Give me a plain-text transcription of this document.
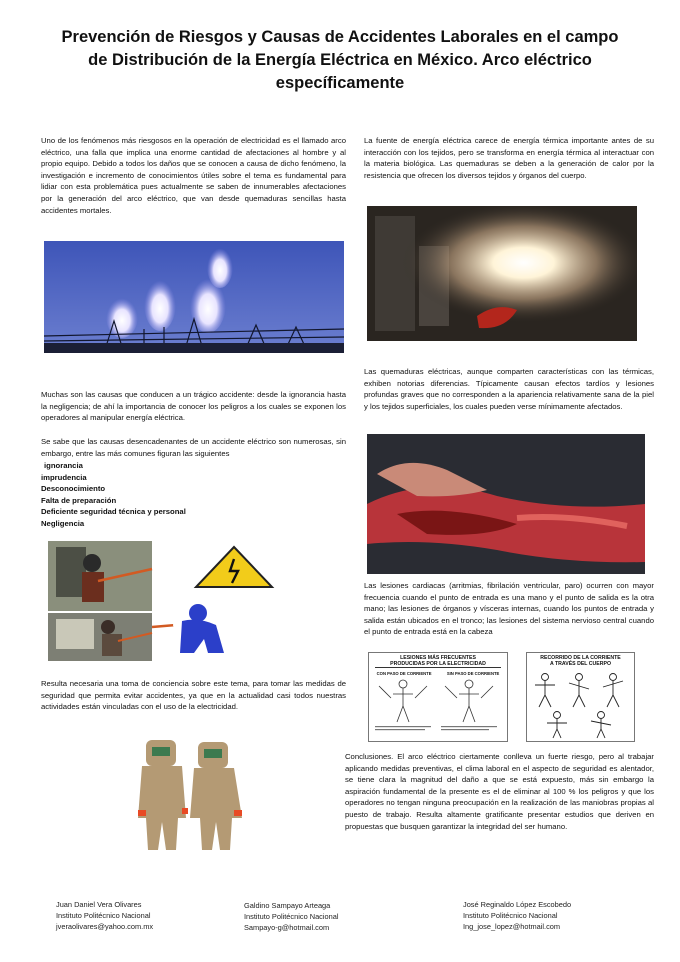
Prevención de Riesgos y Causas de Accidentes Laborales en el campo
de Distribución de la Energía Eléctrica en México. Arco eléctrico
específicamente
Uno de los fenómenos más riesgosos en la operación de electricidad es el llamado arco eléctrico, una falla que implica una enorme cantidad de afectaciones al hombre y al propio equipo. Debido a todos los daños que se conocen a causa de dicho fenómeno, la investigación e incremento de conocimientos útiles sobre el tema es fundamental para lidiar con esta problemática pues actualmente se saben de innumerables afectaciones por la generación del arco eléctrico, que van desde quemaduras sencillas hasta accidentes mortales.
Muchas son las causas que conducen a un trágico accidente: desde la ignorancia hasta la negligencia; de ahí la importancia de conocer los peligros a los cuales se exponen los operadores al manipular energía eléctrica.
Se sabe que las causas desencadenantes de un accidente eléctrico son numerosas, sin embargo, entre las más comunes figuran las siguientes
ignorancia
imprudencia
Desconocimiento
Falta de preparación
Deficiente seguridad técnica y personal
Negligencia
Resulta necesaria una toma de conciencia sobre este tema, para tomar las medidas de seguridad que permita evitar accidentes, ya que en la actualidad casi todos nuestras actividades están vinculadas con el uso de la electricidad.
La fuente de energía eléctrica carece de energía térmica importante antes de su interacción con los tejidos, pero se transforma en energía térmica al interactuar con la materia biológica. Las quemaduras se deben a la generación de calor por la resistencia que ofrecen los diversos tejidos y órganos del cuerpo.
Las quemaduras eléctricas, aunque comparten características con las térmicas, exhiben notorias diferencias. Típicamente causan efectos tardíos y lesiones profundas graves que no corresponden a la apariencia relativamente sana de la piel y los tejidos superficiales, los cuales pueden verse mínimamente afectados.
Las lesiones cardiacas (arritmias, fibrilación ventricular, paro) ocurren con mayor frecuencia cuando el punto de entrada es una mano y el punto de salida es la otra mano; las lesiones de órganos y vísceras internas, cuando los puntos de entrada y salida están ubicados en el tronco; las lesiones del sistema nervioso central cuando el punto de entrada está en la cabeza
LESIONES MÁS FRECUENTES
PRODUCIDAS POR LA ELECTRICIDAD
CON PASO DE CORRIENTE	SIN PASO DE CORRIENTE
RECORRIDO DE LA CORRIENTE
A TRAVÉS DEL CUERPO
Conclusiones. El arco eléctrico ciertamente conlleva un fuerte riesgo, pero al trabajar aplicando medidas preventivas, el clima laboral en el aspecto de seguridad es alentador, se tiene clara la magnitud del daño a que se está expuesto, más sin embargo la aspiración fundamental de la presente es el de eliminar al 100 % los peligros y que los operadores no tengan ninguna preocupación en la realización de las maniobras propias al puesto de trabajo. Resulta altamente gratificante presentar estudios que deriven en propuestas que busquen garantizar la integridad del ser humano.
Juan Daniel Vera Olivares
Instituto Politécnico Nacional
jveraolivares@yahoo.com.mx
Galdino Sampayo Arteaga
Instituto Politécnico Nacional
Sampayo-g@hotmail.com
José Reginaldo López Escobedo
Instituto Politécnico Nacional
Ing_jose_lopez@hotmail.com
